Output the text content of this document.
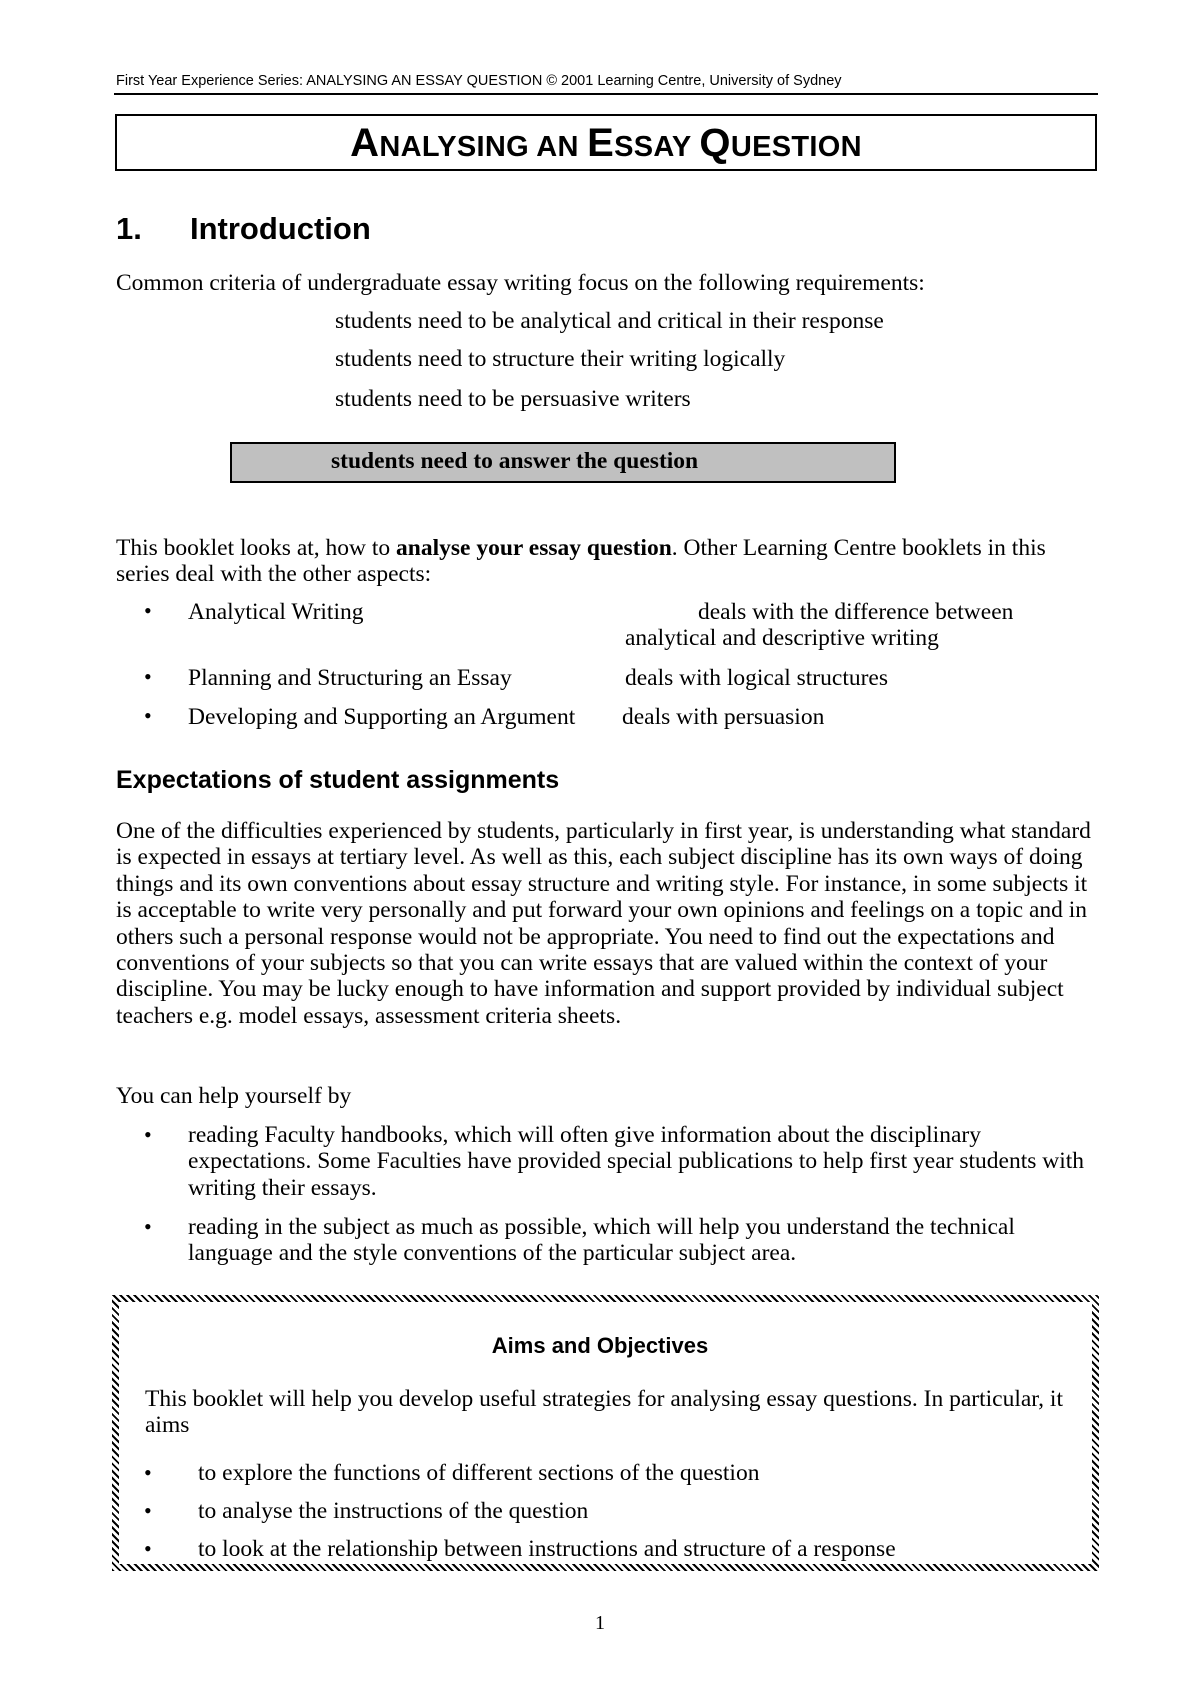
First Year Experience Series: ANALYSING AN ESSAY QUESTION © 2001 Learning Centre, University of Sydney
ANALYSING AN ESSAY QUESTION
1. Introduction
Common criteria of undergraduate essay writing focus on the following requirements:
students need to be analytical and critical in their response
students need to structure their writing logically
students need to be persuasive writers
students need to answer the question
This booklet looks at, how to analyse your essay question. Other Learning Centre booklets in this series deal with the other aspects:
• Analytical Writing	deals with the difference between
analytical and descriptive writing
• Planning and Structuring an Essay	deals with logical structures
• Developing and Supporting an Argument deals with persuasion
Expectations of student assignments
One of the difficulties experienced by students, particularly in first year, is understanding what standard is expected in essays at tertiary level. As well as this, each subject discipline has its own ways of doing things and its own conventions about essay structure and writing style. For instance, in some subjects it is acceptable to write very personally and put forward your own opinions and feelings on a topic and in others such a personal response would not be appropriate. You need to find out the expectations and conventions of your subjects so that you can write essays that are valued within the context of your discipline. You may be lucky enough to have information and support provided by individual subject teachers e.g. model essays, assessment criteria sheets.
You can help yourself by
• reading Faculty handbooks, which will often give information about the disciplinary expectations. Some Faculties have provided special publications to help first year students with writing their essays.
• reading in the subject as much as possible, which will help you understand the technical language and the style conventions of the particular subject area.
Aims and Objectives
This booklet will help you develop useful strategies for analysing essay questions. In particular, it aims
• to explore the functions of different sections of the question
• to analyse the instructions of the question
• to look at the relationship between instructions and structure of a response
1
